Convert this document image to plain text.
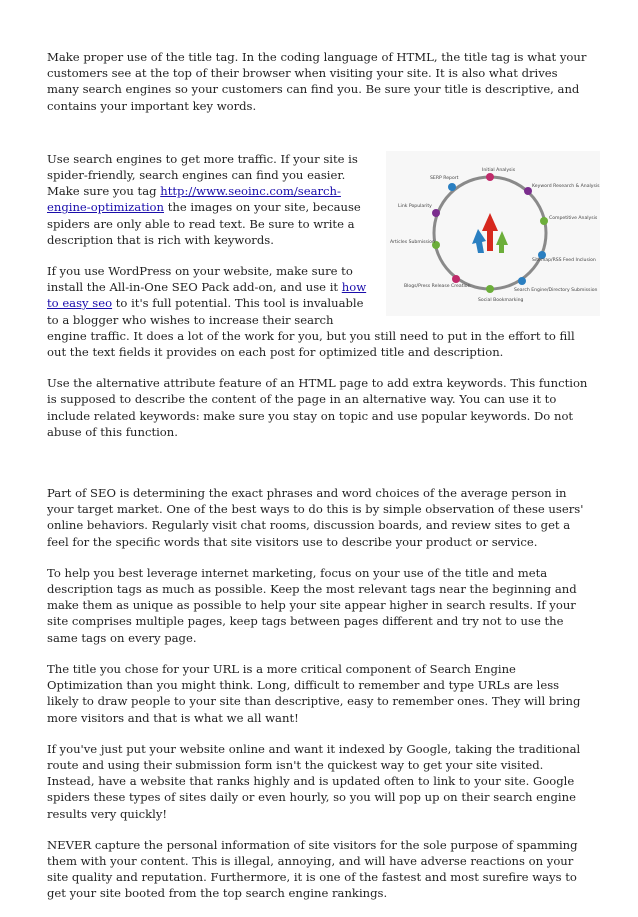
Make proper use of the title tag. In the coding language of HTML, the title tag is what your customers see at the top of their browser when visiting your site. It is also what drives many search engines so your customers can find you. Be sure your title is descriptive, and contains your important key words.

Initial Analysis
Keyword Research & Analysis
Competitive Analysis
Sitemap/RSS Feed Inclusion
Search Engine/Directory Submission
Social Bookmarking
Blogs/Press Release Creation
Articles Submission
Link Popularity
SERP Report

Use search engines to get more traffic. If your site is spider-friendly, search engines can find you easier. Make sure you tag http://www.seoinc.com/search-engine-optimization the images on your site, because spiders are only able to read text. Be sure to write a description that is rich with keywords.

If you use WordPress on your website, make sure to install the All-in-One SEO Pack add-on, and use it how to easy seo to it's full potential. This tool is invaluable to a blogger who wishes to increase their search engine traffic. It does a lot of the work for you, but you still need to put in the effort to fill out the text fields it provides on each post for optimized title and description.

Use the alternative attribute feature of an HTML page to add extra keywords. This function is supposed to describe the content of the page in an alternative way. You can use it to include related keywords: make sure you stay on topic and use popular keywords. Do not abuse of this function.

Part of SEO is determining the exact phrases and word choices of the average person in your target market. One of the best ways to do this is by simple observation of these users' online behaviors. Regularly visit chat rooms, discussion boards, and review sites to get a feel for the specific words that site visitors use to describe your product or service.

To help you best leverage internet marketing, focus on your use of the title and meta description tags as much as possible. Keep the most relevant tags near the beginning and make them as unique as possible to help your site appear higher in search results. If your site comprises multiple pages, keep tags between pages different and try not to use the same tags on every page.

The title you chose for your URL is a more critical component of Search Engine Optimization than you might think. Long, difficult to remember and type URLs are less likely to draw people to your site than descriptive, easy to remember ones. They will bring more visitors and that is what we all want!

If you've just put your website online and want it indexed by Google, taking the traditional route and using their submission form isn't the quickest way to get your site visited. Instead, have a website that ranks highly and is updated often to link to your site. Google spiders these types of sites daily or even hourly, so you will pop up on their search engine results very quickly!

NEVER capture the personal information of site visitors for the sole purpose of spamming them with your content. This is illegal, annoying, and will have adverse reactions on your site quality and reputation. Furthermore, it is one of the fastest and most surefire ways to get your site booted from the top search engine rankings.
